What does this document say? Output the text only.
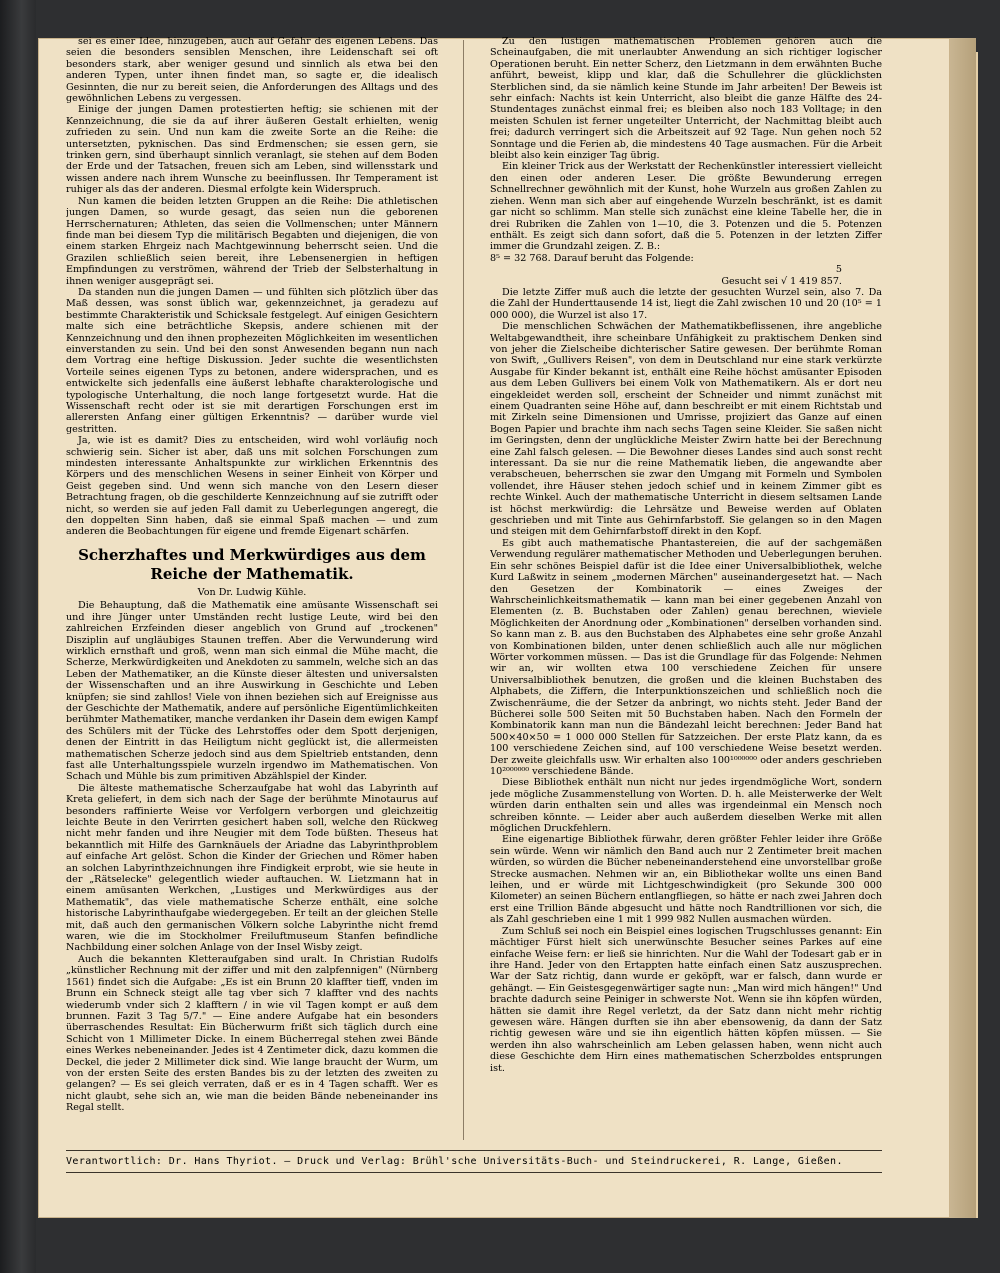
sei es einer Idee, hinzugeben, auch auf Gefahr des eigenen Lebens. Das seien die besonders sensiblen Menschen, ihre Leidenschaft sei oft besonders stark, aber weniger gesund und sinnlich als etwa bei den anderen Typen, unter ihnen findet man, so sagte er, die idealisch Gesinnten, die nur zu bereit seien, die Anforderungen des Alltags und des gewöhnlichen Lebens zu vergessen.

Einige der jungen Damen protestierten heftig; sie schienen mit der Kennzeichnung, die sie da auf ihrer äußeren Gestalt erhielten, wenig zufrieden zu sein. Und nun kam die zweite Sorte an die Reihe: die untersetzten, pyknischen. Das sind Erdmenschen; sie essen gern, sie trinken gern, sind überhaupt sinnlich veranlagt, sie stehen auf dem Boden der Erde und der Tatsachen, freuen sich am Leben, sind willensstark und wissen andere nach ihrem Wunsche zu beeinflussen. Ihr Temperament ist ruhiger als das der anderen. Diesmal erfolgte kein Widerspruch.

Nun kamen die beiden letzten Gruppen an die Reihe: Die athletischen jungen Damen, so wurde gesagt, das seien nun die geborenen Herrschernaturen; Athleten, das seien die Vollmenschen; unter Männern finde man bei diesem Typ die militärisch Begabten und diejenigen, die von einem starken Ehrgeiz nach Machtgewinnung beherrscht seien. Und die Grazilen schließlich seien bereit, ihre Lebensenergien in heftigen Empfindungen zu verströmen, während der Trieb der Selbsterhaltung in ihnen weniger ausgeprägt sei.

Da standen nun die jungen Damen — und fühlten sich plötzlich über das Maß dessen, was sonst üblich war, gekennzeichnet, ja geradezu auf bestimmte Charakteristik und Schicksale festgelegt. Auf einigen Gesichtern malte sich eine beträchtliche Skepsis, andere schienen mit der Kennzeichnung und den ihnen prophezeiten Möglichkeiten im wesentlichen einverstanden zu sein. Und bei den sonst Anwesenden begann nun nach dem Vortrag eine heftige Diskussion. Jeder suchte die wesentlichsten Vorteile seines eigenen Typs zu betonen, andere widersprachen, und es entwickelte sich jedenfalls eine äußerst lebhafte charakterologische und typologische Unterhaltung, die noch lange fortgesetzt wurde. Hat die Wissenschaft recht oder ist sie mit derartigen Forschungen erst im allerersten Anfang einer gültigen Erkenntnis? — darüber wurde viel gestritten.

Ja, wie ist es damit? Dies zu entscheiden, wird wohl vorläufig noch schwierig sein. Sicher ist aber, daß uns mit solchen Forschungen zum mindesten interessante Anhaltspunkte zur wirklichen Erkenntnis des Körpers und des menschlichen Wesens in seiner Einheit von Körper und Geist gegeben sind. Und wenn sich manche von den Lesern dieser Betrachtung fragen, ob die geschilderte Kennzeichnung auf sie zutrifft oder nicht, so werden sie auf jeden Fall damit zu Ueberlegungen angeregt, die den doppelten Sinn haben, daß sie einmal Spaß machen — und zum anderen die Beobachtungen für eigene und fremde Eigenart schärfen.

Scherzhaftes und Merkwürdiges aus dem Reiche der Mathematik.

Von Dr. Ludwig Kühle.

Die Behauptung, daß die Mathematik eine amüsante Wissenschaft sei und ihre Jünger unter Umständen recht lustige Leute, wird bei den zahlreichen Erzfeinden dieser angeblich von Grund auf „trockenen" Disziplin auf ungläubiges Staunen treffen. Aber die Verwunderung wird wirklich ernsthaft und groß, wenn man sich einmal die Mühe macht, die Scherze, Merkwürdigkeiten und Anekdoten zu sammeln, welche sich an das Leben der Mathematiker, an die Künste dieser ältesten und universalsten der Wissenschaften und an ihre Auswirkung in Geschichte und Leben knüpfen; sie sind zahllos! Viele von ihnen beziehen sich auf Ereignisse aus der Geschichte der Mathematik, andere auf persönliche Eigentümlichkeiten berühmter Mathematiker, manche verdanken ihr Dasein dem ewigen Kampf des Schülers mit der Tücke des Lehrstoffes oder dem Spott derjenigen, denen der Eintritt in das Heiligtum nicht geglückt ist, die allermeisten mathematischen Scherze jedoch sind aus dem Spieltrieb entstanden, denn fast alle Unterhaltungsspiele wurzeln irgendwo im Mathematischen. Von Schach und Mühle bis zum primitiven Abzählspiel der Kinder.

Die älteste mathematische Scherzaufgabe hat wohl das Labyrinth auf Kreta geliefert, in dem sich nach der Sage der berühmte Minotaurus auf besonders raffinierte Weise vor Verfolgern verborgen und gleichzeitig leichte Beute in den Verirrten gesichert haben soll, welche den Rückweg nicht mehr fanden und ihre Neugier mit dem Tode büßten. Theseus hat bekanntlich mit Hilfe des Garnknäuels der Ariadne das Labyrinthproblem auf einfache Art gelöst. Schon die Kinder der Griechen und Römer haben an solchen Labyrinthzeichnungen ihre Findigkeit erprobt, wie sie heute in der „Rätselecke" gelegentlich wieder auftauchen. W. Lietzmann hat in einem amüsanten Werkchen, „Lustiges und Merkwürdiges aus der Mathematik", das viele mathematische Scherze enthält, eine solche historische Labyrinthaufgabe wiedergegeben. Er teilt an der gleichen Stelle mit, daß auch den germanischen Völkern solche Labyrinthe nicht fremd waren, wie die im Stockholmer Freiluftmuseum Stanfen befindliche Nachbildung einer solchen Anlage von der Insel Wisby zeigt.

Auch die bekannten Kletteraufgaben sind uralt. In Christian Rudolfs „künstlicher Rechnung mit der ziffer und mit den zalpfennigen" (Nürnberg 1561) findet sich die Aufgabe: „Es ist ein Brunn 20 klaffter tieff, vnden im Brunn ein Schneck steigt alle tag vber sich 7 klaffter vnd des nachts wiederumb vnder sich 2 klafftern / in wie vil Tagen kompt er auß dem brunnen. Fazit 3 Tag 5/7." — Eine andere Aufgabe hat ein besonders überraschendes Resultat: Ein Bücherwurm frißt sich täglich durch eine Schicht von 1 Millimeter Dicke. In einem Bücherregal stehen zwei Bände eines Werkes nebeneinander. Jedes ist 4 Zentimeter dick, dazu kommen die Deckel, die jeder 2 Millimeter dick sind. Wie lange braucht der Wurm, um von der ersten Seite des ersten Bandes bis zu der letzten des zweiten zu gelangen? — Es sei gleich verraten, daß er es in 4 Tagen schafft. Wer es nicht glaubt, sehe sich an, wie man die beiden Bände nebeneinander ins Regal stellt.

Zu den lustigen mathematischen Problemen gehören auch die Scheinaufgaben, die mit unerlaubter Anwendung an sich richtiger logischer Operationen beruht. Ein netter Scherz, den Lietzmann in dem erwähnten Buche anführt, beweist, klipp und klar, daß die Schullehrer die glücklichsten Sterblichen sind, da sie nämlich keine Stunde im Jahr arbeiten! Der Beweis ist sehr einfach: Nachts ist kein Unterricht, also bleibt die ganze Hälfte des 24-Stundentages zunächst einmal frei; es bleiben also noch 183 Volltage; in den meisten Schulen ist ferner ungeteilter Unterricht, der Nachmittag bleibt auch frei; dadurch verringert sich die Arbeitszeit auf 92 Tage. Nun gehen noch 52 Sonntage und die Ferien ab, die mindestens 40 Tage ausmachen. Für die Arbeit bleibt also kein einziger Tag übrig.

Ein kleiner Trick aus der Werkstatt der Rechenkünstler interessiert vielleicht den einen oder anderen Leser. Die größte Bewunderung erregen Schnellrechner gewöhnlich mit der Kunst, hohe Wurzeln aus großen Zahlen zu ziehen. Wenn man sich aber auf eingehende Wurzeln beschränkt, ist es damit gar nicht so schlimm. Man stelle sich zunächst eine kleine Tabelle her, die in drei Rubriken die Zahlen von 1—10, die 3. Potenzen und die 5. Potenzen enthält. Es zeigt sich dann sofort, daß die 5. Potenzen in der letzten Ziffer immer die Grundzahl zeigen. Z. B.:

8⁵ = 32 768. Darauf beruht das Folgende:

5

Gesucht sei √ 1 419 857.

Die letzte Ziffer muß auch die letzte der gesuchten Wurzel sein, also 7. Da die Zahl der Hunderttausende 14 ist, liegt die Zahl zwischen 10 und 20 (10⁵ = 1 000 000), die Wurzel ist also 17.

Die menschlichen Schwächen der Mathematikbeflissenen, ihre angebliche Weltabgewandtheit, ihre scheinbare Unfähigkeit zu praktischem Denken sind von jeher die Zielscheibe dichterischer Satire gewesen. Der berühmte Roman von Swift, „Gullivers Reisen", von dem in Deutschland nur eine stark verkürzte Ausgabe für Kinder bekannt ist, enthält eine Reihe höchst amüsanter Episoden aus dem Leben Gullivers bei einem Volk von Mathematikern. Als er dort neu eingekleidet werden soll, erscheint der Schneider und nimmt zunächst mit einem Quadranten seine Höhe auf, dann beschreibt er mit einem Richtstab und mit Zirkeln seine Dimensionen und Umrisse, projiziert das Ganze auf einen Bogen Papier und brachte ihm nach sechs Tagen seine Kleider. Sie saßen nicht im Geringsten, denn der unglückliche Meister Zwirn hatte bei der Berechnung eine Zahl falsch gelesen. — Die Bewohner dieses Landes sind auch sonst recht interessant. Da sie nur die reine Mathematik lieben, die angewandte aber verabscheuen, beherrschen sie zwar den Umgang mit Formeln und Symbolen vollendet, ihre Häuser stehen jedoch schief und in keinem Zimmer gibt es rechte Winkel. Auch der mathematische Unterricht in diesem seltsamen Lande ist höchst merkwürdig: die Lehrsätze und Beweise werden auf Oblaten geschrieben und mit Tinte aus Gehirnfarbstoff. Sie gelangen so in den Magen und steigen mit dem Gehirnfarbstoff direkt in den Kopf.

Es gibt auch mathematische Phantastereien, die auf der sachgemäßen Verwendung regulärer mathematischer Methoden und Ueberlegungen beruhen. Ein sehr schönes Beispiel dafür ist die Idee einer Universalbibliothek, welche Kurd Laßwitz in seinem „modernen Märchen" auseinandergesetzt hat. — Nach den Gesetzen der Kombinatorik — eines Zweiges der Wahrscheinlichkeitsmathematik — kann man bei einer gegebenen Anzahl von Elementen (z. B. Buchstaben oder Zahlen) genau berechnen, wieviele Möglichkeiten der Anordnung oder „Kombinationen" derselben vorhanden sind. So kann man z. B. aus den Buchstaben des Alphabetes eine sehr große Anzahl von Kombinationen bilden, unter denen schließlich auch alle nur möglichen Wörter vorkommen müssen. — Das ist die Grundlage für das Folgende: Nehmen wir an, wir wollten etwa 100 verschiedene Zeichen für unsere Universalbibliothek benutzen, die großen und die kleinen Buchstaben des Alphabets, die Ziffern, die Interpunktionszeichen und schließlich noch die Zwischenräume, die der Setzer da anbringt, wo nichts steht. Jeder Band der Bücherei solle 500 Seiten mit 50 Buchstaben haben. Nach den Formeln der Kombinatorik kann man nun die Bändezahl leicht berechnen: Jeder Band hat 500×40×50 = 1 000 000 Stellen für Satzzeichen. Der erste Platz kann, da es 100 verschiedene Zeichen sind, auf 100 verschiedene Weise besetzt werden. Der zweite gleichfalls usw. Wir erhalten also 100¹⁰⁰⁰⁰⁰⁰ oder anders geschrieben 10²⁰⁰⁰⁰⁰⁰ verschiedene Bände.

Diese Bibliothek enthält nun nicht nur jedes irgendmögliche Wort, sondern jede mögliche Zusammenstellung von Worten. D. h. alle Meisterwerke der Welt würden darin enthalten sein und alles was irgendeinmal ein Mensch noch schreiben könnte. — Leider aber auch außerdem dieselben Werke mit allen möglichen Druckfehlern.

Eine eigenartige Bibliothek fürwahr, deren größter Fehler leider ihre Größe sein würde. Wenn wir nämlich den Band auch nur 2 Zentimeter breit machen würden, so würden die Bücher nebeneinanderstehend eine unvorstellbar große Strecke ausmachen. Nehmen wir an, ein Bibliothekar wollte uns einen Band leihen, und er würde mit Lichtgeschwindigkeit (pro Sekunde 300 000 Kilometer) an seinen Büchern entlangfliegen, so hätte er nach zwei Jahren doch erst eine Trillion Bände abgesucht und hätte noch Randtrillionen vor sich, die als Zahl geschrieben eine 1 mit 1 999 982 Nullen ausmachen würden.

Zum Schluß sei noch ein Beispiel eines logischen Trugschlusses genannt: Ein mächtiger Fürst hielt sich unerwünschte Besucher seines Parkes auf eine einfache Weise fern: er ließ sie hinrichten. Nur die Wahl der Todesart gab er in ihre Hand. Jeder von den Ertappten hatte einfach einen Satz auszusprechen. War der Satz richtig, dann wurde er geköpft, war er falsch, dann wurde er gehängt. — Ein Geistesgegenwärtiger sagte nun: „Man wird mich hängen!" Und brachte dadurch seine Peiniger in schwerste Not. Wenn sie ihn köpfen würden, hätten sie damit ihre Regel verletzt, da der Satz dann nicht mehr richtig gewesen wäre. Hängen durften sie ihn aber ebensowenig, da dann der Satz richtig gewesen wäre und sie ihn eigentlich hätten köpfen müssen. — Sie werden ihn also wahrscheinlich am Leben gelassen haben, wenn nicht auch diese Geschichte dem Hirn eines mathematischen Scherzboldes entsprungen ist.

Verantwortlich: Dr. Hans Thyriot. — Druck und Verlag: Brühl'sche Universitäts-Buch- und Steindruckerei, R. Lange, Gießen.
